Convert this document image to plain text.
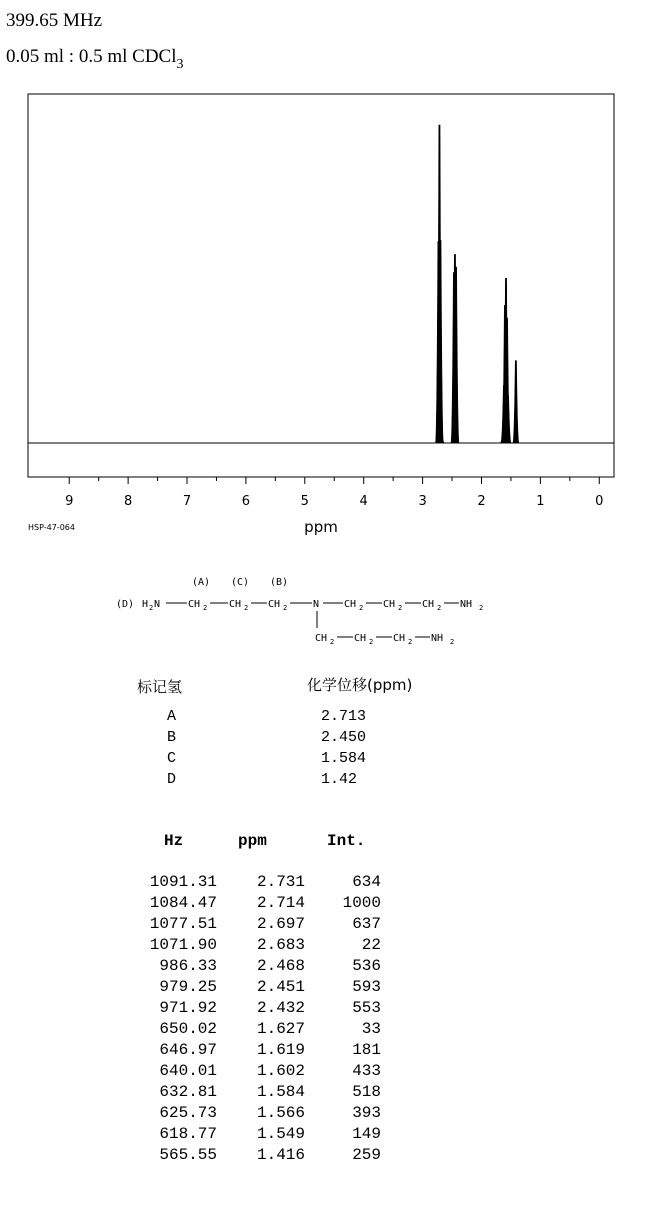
399.65 MHz
0.05 ml : 0.5 ml CDCl$_3$
9	8	7	6	5	4	3	2	1	0
ppm
HSP-47-064
(A) (C) (B)
(D) H 2 N	CH 2 CH 2 CH 2	N CH 2 CH 2 CH 2 NH 2
CH 2 CH 2 CH 2 NH 2
标记氢	化学位移(ppm)
A	2.713
B	2.450
C	1.584
D	1.42
Hz	ppm	Int.
1091.31 2.731	634
1084.47 2.714 1000
1077.51 2.697	637
1071.90 2.683	22
986.33 2.468	536
979.25 2.451	593
971.92 2.432	553
650.02 1.627	33
646.97 1.619	181
640.01 1.602	433
632.81 1.584	518
625.73 1.566	393
618.77 1.549	149
565.55 1.416	259
